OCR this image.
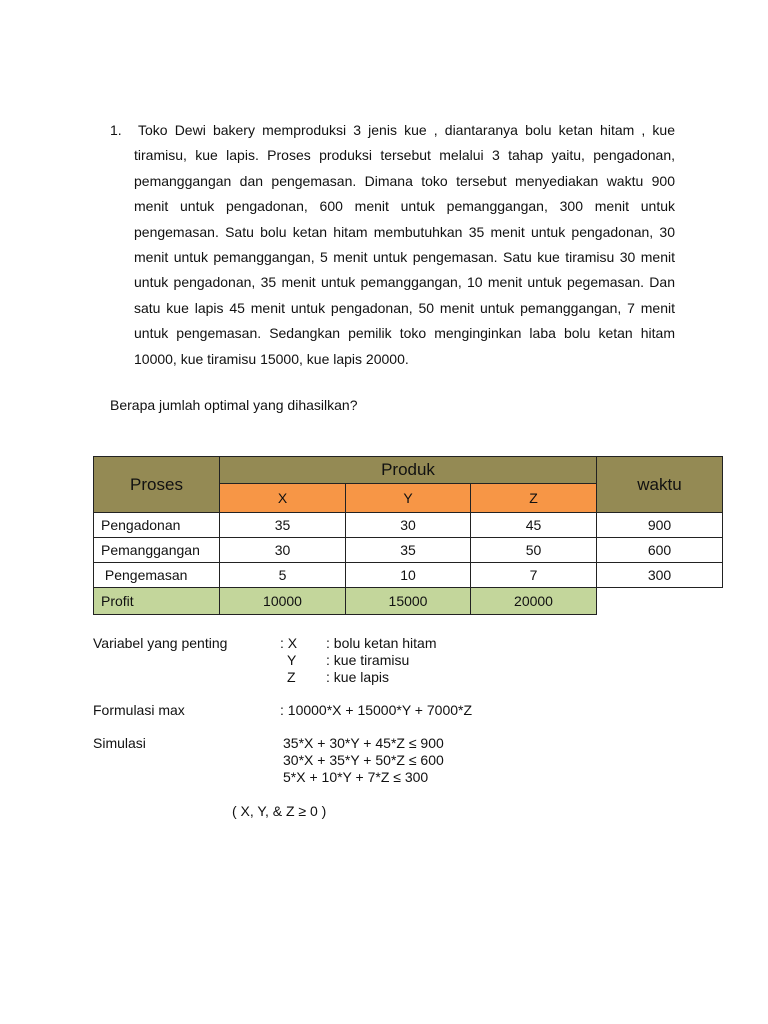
1. Toko Dewi bakery memproduksi 3 jenis kue , diantaranya bolu ketan hitam , kue tiramisu, kue lapis. Proses produksi tersebut melalui 3 tahap yaitu, pengadonan, pemanggangan dan pengemasan. Dimana toko tersebut menyediakan waktu 900 menit untuk pengadonan, 600 menit untuk pemanggangan, 300 menit untuk pengemasan. Satu bolu ketan hitam membutuhkan 35 menit untuk pengadonan, 30 menit untuk pemanggangan, 5 menit untuk pengemasan. Satu kue tiramisu 30 menit untuk pengadonan, 35 menit untuk pemanggangan, 10 menit untuk pegemasan. Dan satu kue lapis 45 menit untuk pengadonan, 50 menit untuk pemanggangan, 7 menit untuk pengemasan. Sedangkan pemilik toko menginginkan laba bolu ketan hitam 10000, kue tiramisu 15000, kue lapis 20000.

Berapa jumlah optimal yang dihasilkan?
Proses	Produk			waktu
	X	Y	Z	
Pengadonan	35	30	45	900
Pemanggangan	30	35	50	600
Pengemasan	5	10	7	300
Profit	10000	15000	20000	
Variabel yang penting	: X : bolu ketan hitam
Y : kue tiramisu
Z : kue lapis
Formulasi max	: 10000*X + 15000*Y + 7000*Z
Simulasi	35*X + 30*Y + 45*Z ≤ 900
30*X + 35*Y + 50*Z ≤ 600
5*X + 10*Y + 7*Z ≤ 300
( X, Y, & Z ≥ 0 )
